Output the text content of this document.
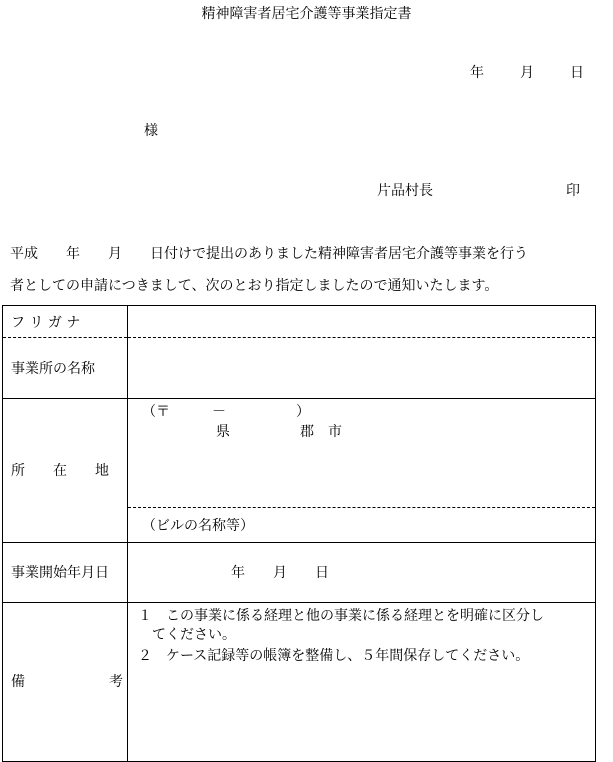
精神障害者居宅介護等事業指定書
年	月	日
様
片品村長	印
平成　　年　　月　　日付けで提出のありました精神障害者居宅介護等事業を行う
者としての申請につきまして、次のとおり指定しましたので通知いたします。
フ リ ガ ナ
事業所の名称	

所　　在　　地	（〒　　　－　　　　　）
県　　　　　郡　市
（ビルの名称等）

事業開始年月日	年　　月　　日

備　　　　　　考	１　この事業に係る経理と他の事業に係る経理とを明確に区分し
　てください。
２　ケース記録等の帳簿を整備し、５年間保存してください。
